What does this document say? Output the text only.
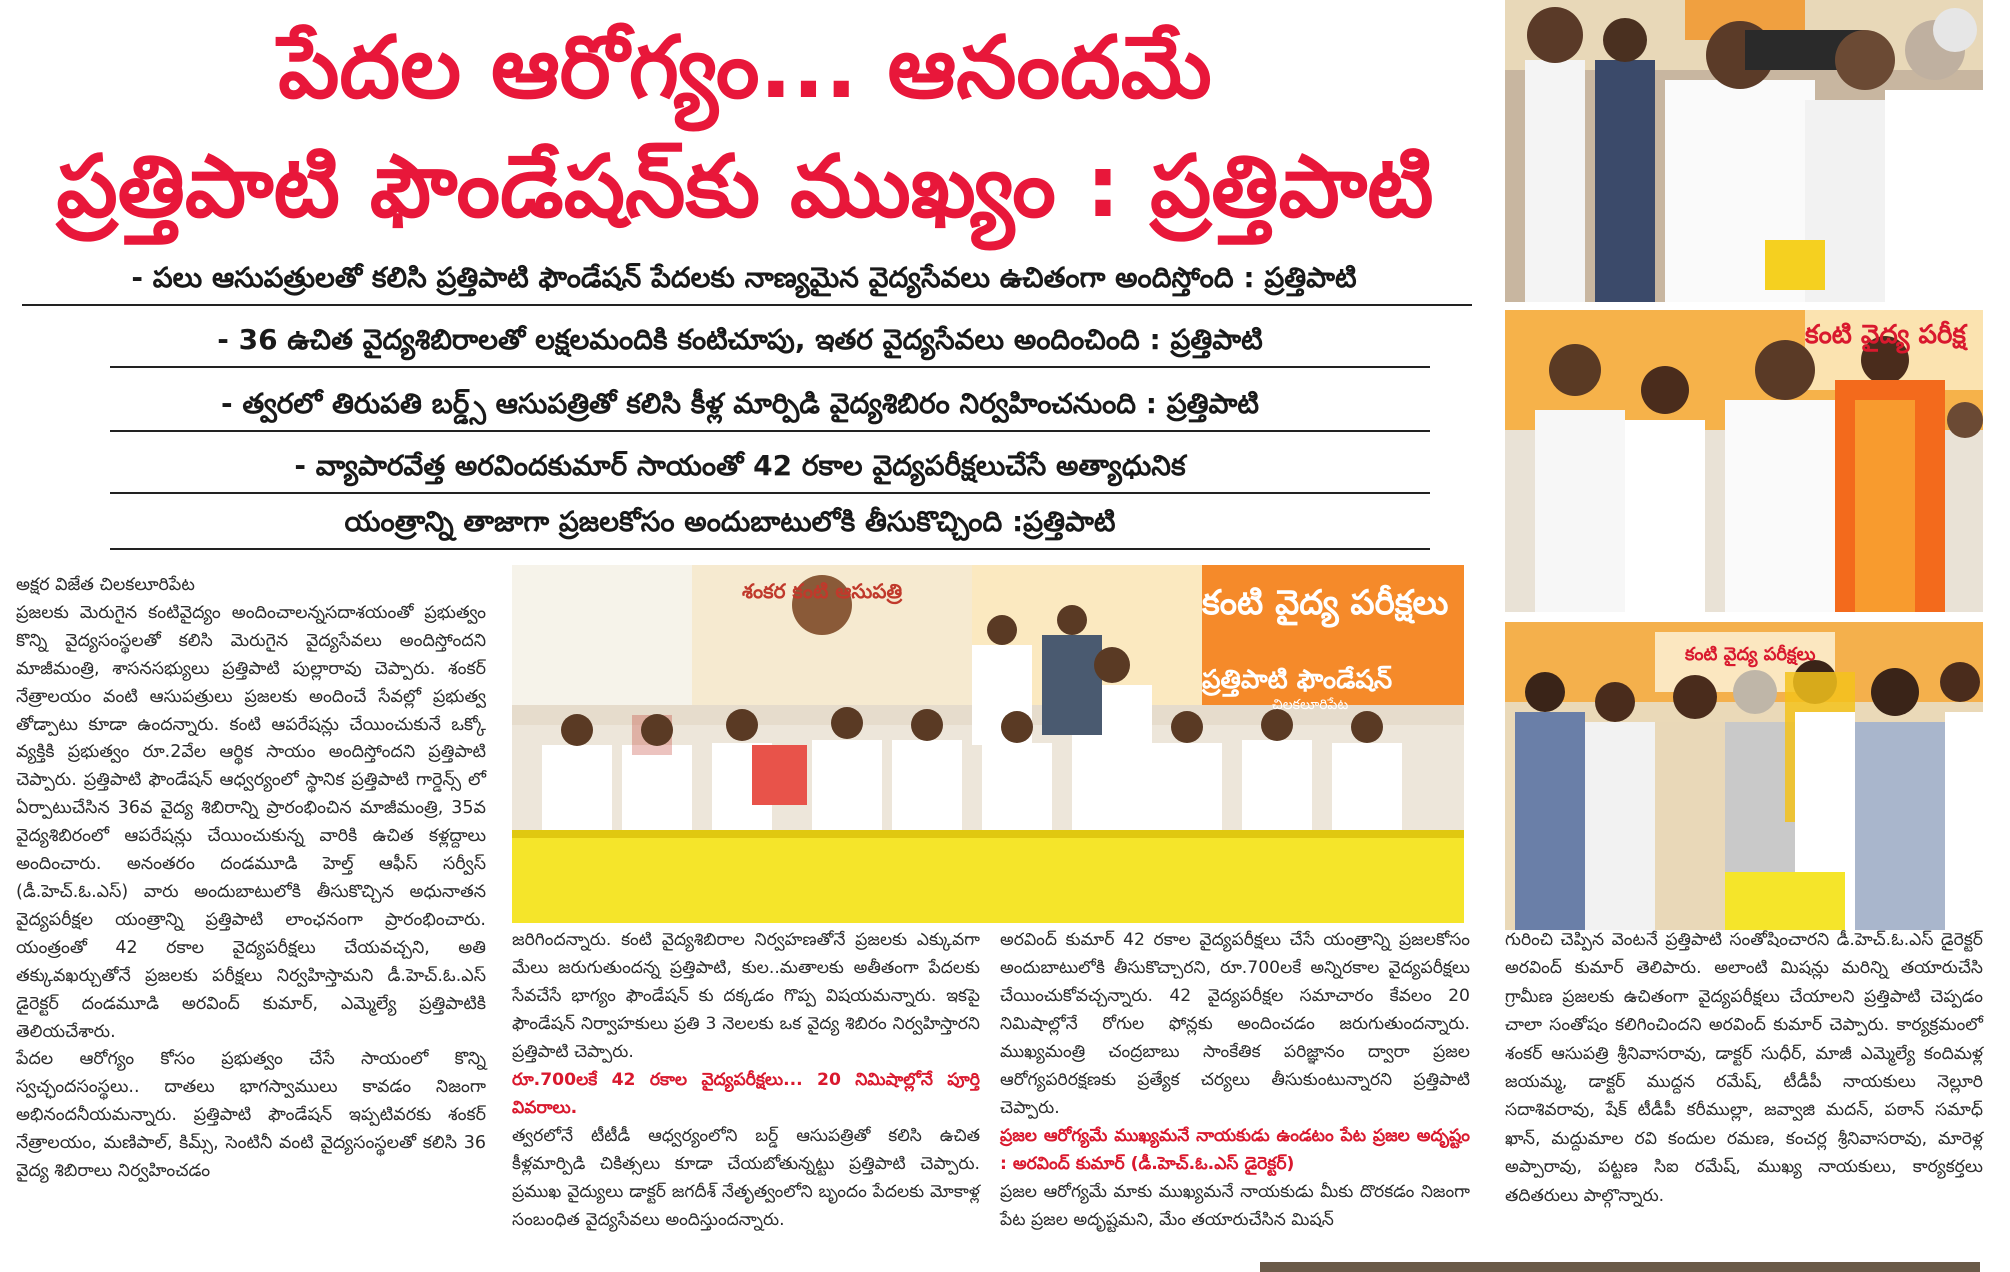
పేదల ఆరోగ్యం... ఆనందమే
ప్రత్తిపాటి ఫౌండేషన్‌కు ముఖ్యం : ప్రత్తిపాటి
- పలు ఆసుపత్రులతో కలిసి ప్రత్తిపాటి ఫౌండేషన్ పేదలకు నాణ్యమైన వైద్యసేవలు ఉచితంగా అందిస్తోంది : ప్రత్తిపాటి
- 36 ఉచిత వైద్యశిబిరాలతో లక్షలమందికి కంటిచూపు, ఇతర వైద్యసేవలు అందించింది : ప్రత్తిపాటి
- త్వరలో తిరుపతి బర్డ్స్ ఆసుపత్రితో కలిసి కీళ్ల మార్పిడి వైద్యశిబిరం నిర్వహించనుంది : ప్రత్తిపాటి
- వ్యాపారవేత్త అరవిందకుమార్ సాయంతో 42 రకాల వైద్యపరీక్షలుచేసే అత్యాధునిక
యంత్రాన్ని తాజాగా ప్రజలకోసం అందుబాటులోకి తీసుకొచ్చింది :ప్రత్తిపాటి
కంటి వైద్య పరీక్ష
కంటి వైద్య పరీక్షలు
శంకర కంటి ఆసుపత్రి	కంటి వైద్య పరీక్షలు
ప్రత్తిపాటి ఫౌండేషన్
చిలకలూరిపేట

అక్షర విజేత చిలకలూరిపేట

ప్రజలకు మెరుగైన కంటివైద్యం అందించాలన్నసదాశయంతో ప్రభుత్వం కొన్ని వైద్యసంస్థలతో కలిసి మెరుగైన వైద్యసేవలు అందిస్తోందని మాజీమంత్రి, శాసనసభ్యులు ప్రత్తిపాటి పుల్లారావు చెప్పారు. శంకర్ నేత్రాలయం వంటి ఆసుపత్రులు ప్రజలకు అందించే సేవల్లో ప్రభుత్వ తోడ్పాటు కూడా ఉందన్నారు. కంటి ఆపరేషన్లు చేయించుకునే ఒక్కో వ్యక్తికి ప్రభుత్వం రూ.2వేల ఆర్థిక సాయం అందిస్తోందని ప్రత్తిపాటి చెప్పారు. ప్రత్తిపాటి ఫౌండేషన్ ఆధ్వర్యంలో స్థానిక ప్రత్తిపాటి గార్డెన్స్ లో ఏర్పాటుచేసిన 36వ వైద్య శిబిరాన్ని ప్రారంభించిన మాజీమంత్రి, 35వ వైద్యశిబిరంలో ఆపరేషన్లు చేయించుకున్న వారికి ఉచిత కళ్లద్దాలు అందించారు. అనంతరం దండమూడి హెల్త్ ఆఫీస్ సర్వీస్ (డీ.హెచ్.ఓ.ఎస్) వారు అందుబాటులోకి తీసుకొచ్చిన అధునాతన వైద్యపరీక్షల యంత్రాన్ని ప్రత్తిపాటి లాంఛనంగా ప్రారంభించారు. యంత్రంతో 42 రకాల వైద్యపరీక్షలు చేయవచ్చని, అతి తక్కువఖర్చుతోనే ప్రజలకు పరీక్షలు నిర్వహిస్తామని డీ.హెచ్.ఓ.ఎస్ డైరెక్టర్ దండమూడి అరవింద్ కుమార్, ఎమ్మెల్యే ప్రత్తిపాటికి తెలియచేశారు.

పేదల ఆరోగ్యం కోసం ప్రభుత్వం చేసే సాయంలో కొన్ని స్వచ్ఛందసంస్థలు.. దాతలు భాగస్వాములు కావడం నిజంగా అభినందనీయమన్నారు. ప్రత్తిపాటి ఫౌండేషన్ ఇప్పటివరకు శంకర్ నేత్రాలయం, మణిపాల్, కిమ్స్, సెంటినీ వంటి వైద్యసంస్థలతో కలిసి 36 వైద్య శిబిరాలు నిర్వహించడం

జరిగిందన్నారు. కంటి వైద్యశిబిరాల నిర్వహణతోనే ప్రజలకు ఎక్కువగా మేలు జరుగుతుందన్న ప్రత్తిపాటి, కుల..మతాలకు అతీతంగా పేదలకు సేవచేసే భాగ్యం ఫౌండేషన్ కు దక్కడం గొప్ప విషయమన్నారు. ఇకపై ఫౌండేషన్ నిర్వాహకులు ప్రతి 3 నెలలకు ఒక వైద్య శిబిరం నిర్వహిస్తారని ప్రత్తిపాటి చెప్పారు.

రూ.700లకే 42 రకాల వైద్యపరీక్షలు... 20 నిమిషాల్లోనే పూర్తి వివరాలు.

త్వరలోనే టీటీడీ ఆధ్వర్యంలోని బర్డ్ ఆసుపత్రితో కలిసి ఉచిత కీళ్లమార్పిడి చికిత్సలు కూడా చేయబోతున్నట్టు ప్రత్తిపాటి చెప్పారు. ప్రముఖ వైద్యులు డాక్టర్ జగదీశ్ నేతృత్వంలోని బృందం పేదలకు మోకాళ్ల సంబంధిత వైద్యసేవలు అందిస్తుందన్నారు.

అరవింద్ కుమార్ 42 రకాల వైద్యపరీక్షలు చేసే యంత్రాన్ని ప్రజలకోసం అందుబాటులోకి తీసుకొచ్చారని, రూ.700లకే అన్నిరకాల వైద్యపరీక్షలు చేయించుకోవచ్చన్నారు. 42 వైద్యపరీక్షల సమాచారం కేవలం 20 నిమిషాల్లోనే రోగుల ఫోన్లకు అందించడం జరుగుతుందన్నారు. ముఖ్యమంత్రి చంద్రబాబు సాంకేతిక పరిజ్ఞానం ద్వారా ప్రజల ఆరోగ్యపరిరక్షణకు ప్రత్యేక చర్యలు తీసుకుంటున్నారని ప్రత్తిపాటి చెప్పారు.

ప్రజల ఆరోగ్యమే ముఖ్యమనే నాయకుడు ఉండటం పేట ప్రజల అదృష్టం : అరవింద్ కుమార్ (డీ.హెచ్.ఓ.ఎస్ డైరెక్టర్)

ప్రజల ఆరోగ్యమే మాకు ముఖ్యమనే నాయకుడు మీకు దొరకడం నిజంగా పేట ప్రజల అదృష్టమని, మేం తయారుచేసిన మిషన్

గురించి చెప్పిన వెంటనే ప్రత్తిపాటి సంతోషించారని డీ.హెచ్.ఓ.ఎస్ డైరెక్టర్ అరవింద్ కుమార్ తెలిపారు. అలాంటి మిషన్లు మరిన్ని తయారుచేసి గ్రామీణ ప్రజలకు ఉచితంగా వైద్యపరీక్షలు చేయాలని ప్రత్తిపాటి చెప్పడం చాలా సంతోషం కలిగించిందని అరవింద్ కుమార్ చెప్పారు. కార్యక్రమంలో శంకర్ ఆసుపత్రి శ్రీనివాసరావు, డాక్టర్ సుధీర్, మాజీ ఎమ్మెల్యే కందిమళ్ల జయమ్మ, డాక్టర్ ముద్దన రమేష్, టీడీపీ నాయకులు నెల్లూరి సదాశివరావు, షేక్ టీడీపీ కరీముల్లా, జవ్వాజి మదన్, పఠాన్ సమాధ్ ఖాన్, మద్దుమాల రవి కందుల రమణ, కంచర్ల శ్రీనివాసరావు, మారెళ్ల అప్పారావు, పట్టణ సిఐ రమేష్, ముఖ్య నాయకులు, కార్యకర్తలు తదితరులు పాల్గొన్నారు.
